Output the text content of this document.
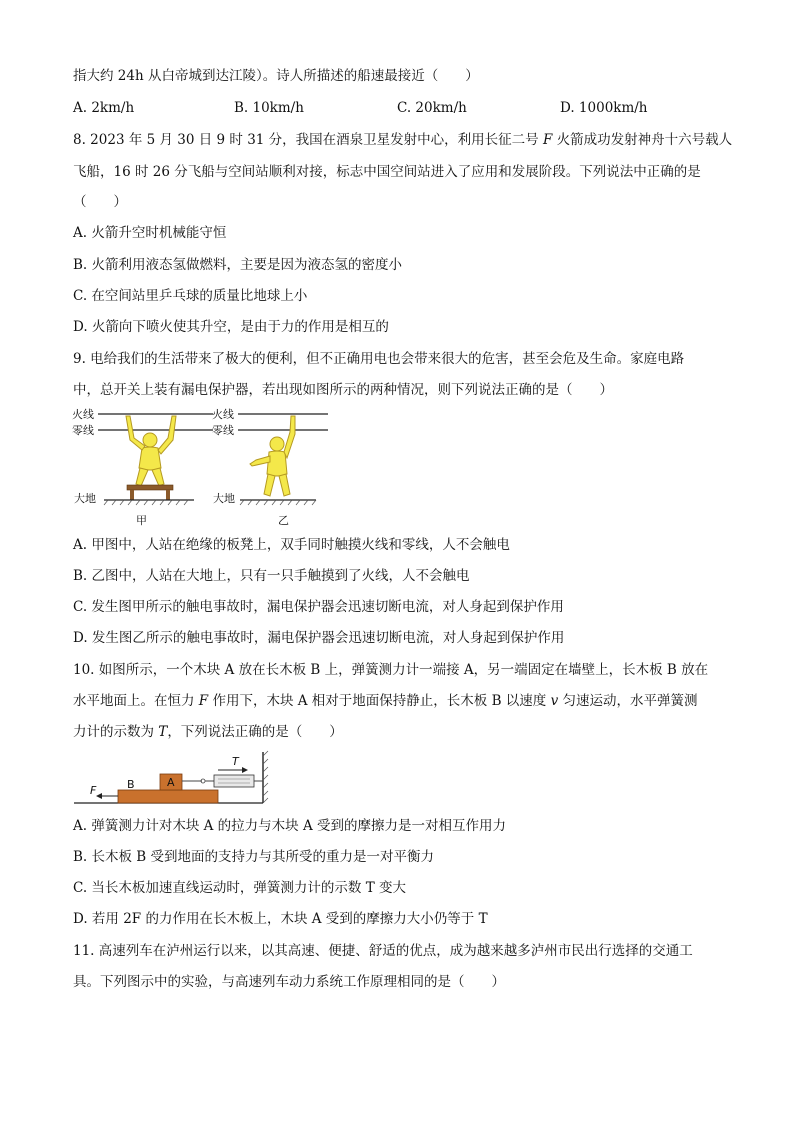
指大约 24h 从白帝城到达江陵）。诗人所描述的船速最接近（　　）
A. 2km/h	B. 10km/h	C. 20km/h	D. 1000km/h
8. 2023 年 5 月 30 日 9 时 31 分，我国在酒泉卫星发射中心，利用长征二号 F 火箭成功发射神舟十六号载人
飞船，16 时 26 分飞船与空间站顺利对接，标志中国空间站进入了应用和发展阶段。下列说法中正确的是
（　　）
A. 火箭升空时机械能守恒
B. 火箭利用液态氢做燃料，主要是因为液态氢的密度小
C. 在空间站里乒乓球的质量比地球上小
D. 火箭向下喷火使其升空，是由于力的作用是相互的
9. 电给我们的生活带来了极大的便利，但不正确用电也会带来很大的危害，甚至会危及生命。家庭电路
中，总开关上装有漏电保护器，若出现如图所示的两种情况，则下列说法正确的是（　　）
火线
零线
大地
甲
火线
零线
大地
乙
A. 甲图中，人站在绝缘的板凳上，双手同时触摸火线和零线，人不会触电
B. 乙图中，人站在大地上，只有一只手触摸到了火线，人不会触电
C. 发生图甲所示的触电事故时，漏电保护器会迅速切断电流，对人身起到保护作用
D. 发生图乙所示的触电事故时，漏电保护器会迅速切断电流，对人身起到保护作用
10. 如图所示，一个木块 A 放在长木板 B 上，弹簧测力计一端接 A，另一端固定在墙壁上，长木板 B 放在
水平地面上。在恒力 F 作用下，木块 A 相对于地面保持静止，长木板 B 以速度 v 匀速运动，水平弹簧测
力计的示数为 T，下列说法正确的是（　　）
A
B
F
T
A. 弹簧测力计对木块 A 的拉力与木块 A 受到的摩擦力是一对相互作用力
B. 长木板 B 受到地面的支持力与其所受的重力是一对平衡力
C. 当长木板加速直线运动时，弹簧测力计的示数 T 变大
D. 若用 2F 的力作用在长木板上，木块 A 受到的摩擦力大小仍等于 T
11. 高速列车在泸州运行以来，以其高速、便捷、舒适的优点，成为越来越多泸州市民出行选择的交通工
具。下列图示中的实验，与高速列车动力系统工作原理相同的是（　　）
